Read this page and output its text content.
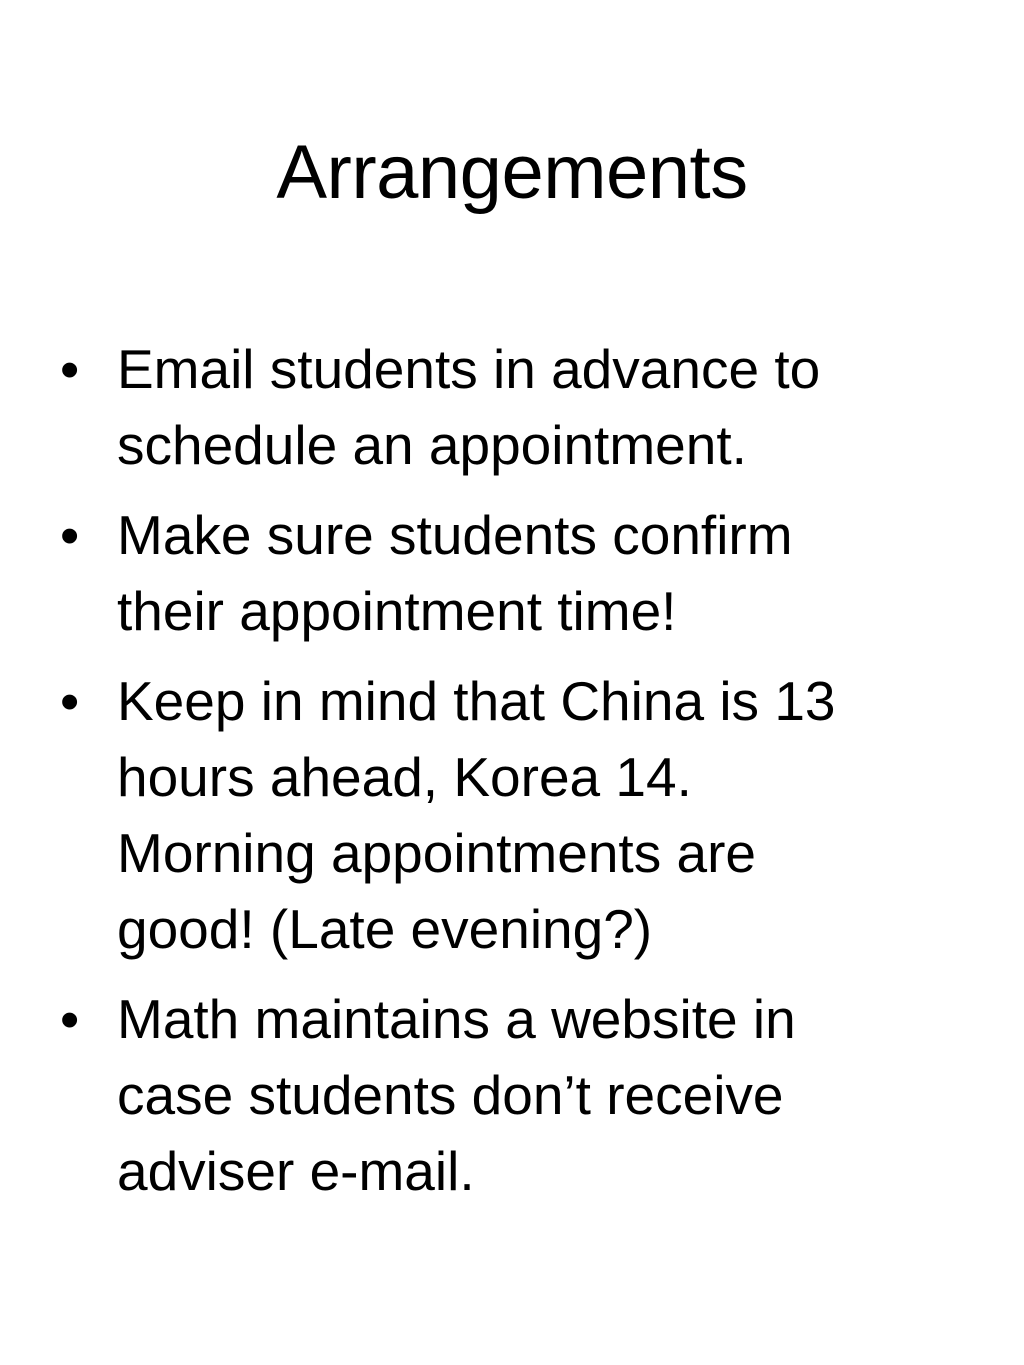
Arrangements
• Email students in advance to
schedule an appointment.
• Make sure students confirm
their appointment time!
• Keep in mind that China is 13
hours ahead, Korea 14.
Morning appointments are
good! (Late evening?)
• Math maintains a website in
case students don’t receive
adviser e-mail.
